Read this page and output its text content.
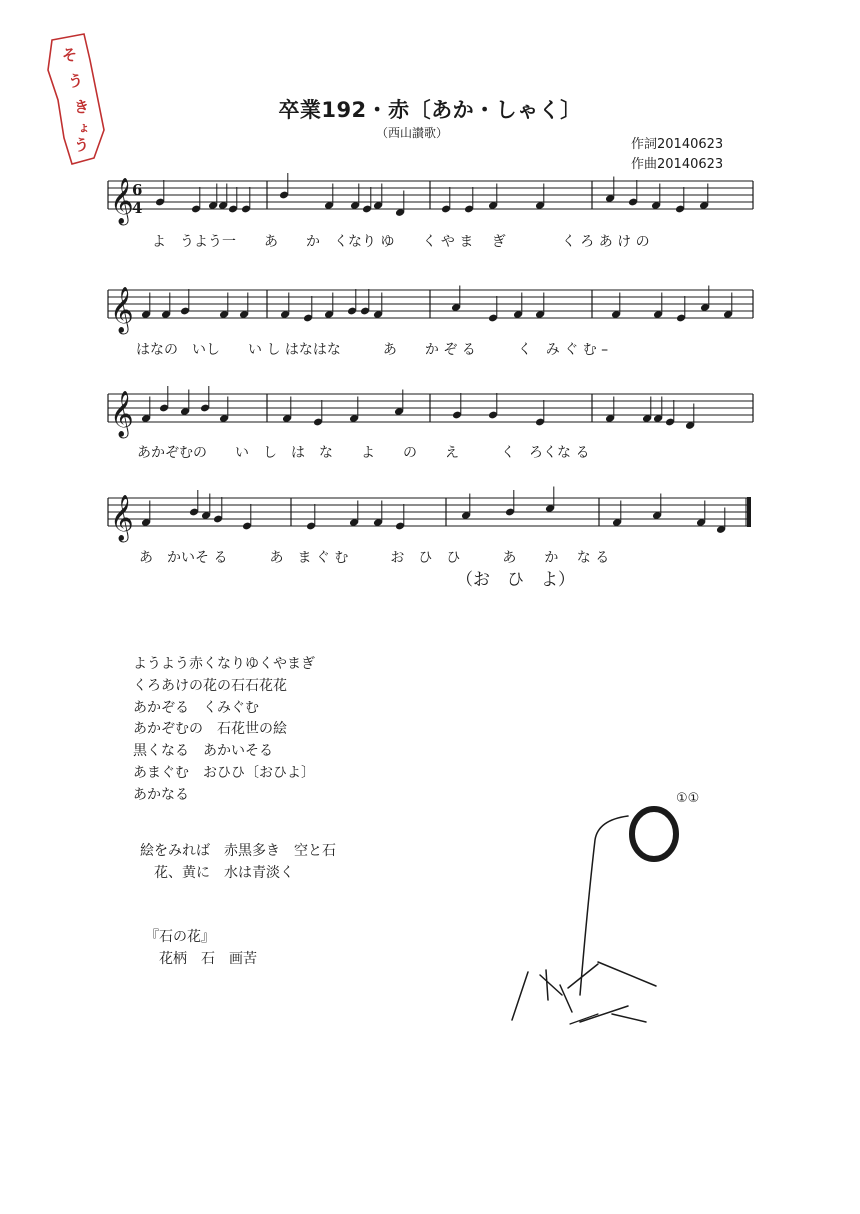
𝄞
𝄞
𝄞
𝄞
6
4
そ
う
き
ょ
う
卒業192・赤〔あか・しゃく〕
（西山讃歌）
作詞20140623
作曲20140623
よ　うよう一　　あ　　か　くなり ゆ　　く や ま　 ぎ　　　　く ろ あ け の
はなの　いし　　い し はなはな　　　あ　　か ぞ る　　　く　み ぐ む –
あかぞむの　　い　し　は　な　　よ　　の　　え　　　く　ろくな る
あ　かいそ る　　　あ　ま ぐ む　　　お　ひ　ひ　　　あ　　か　 な る
（お　ひ　よ）
ようよう赤くなりゆくやまぎ
くろあけの花の石石花花
あかぞる　くみぐむ
あかぞむの　石花世の絵
黒くなる　あかいそる
あまぐむ　おひひ〔おひよ〕
あかなる
絵をみれば　赤黒多き　空と石
　花、黄に　水は青淡く
『石の花』
　花柄　石　画苦
①①
